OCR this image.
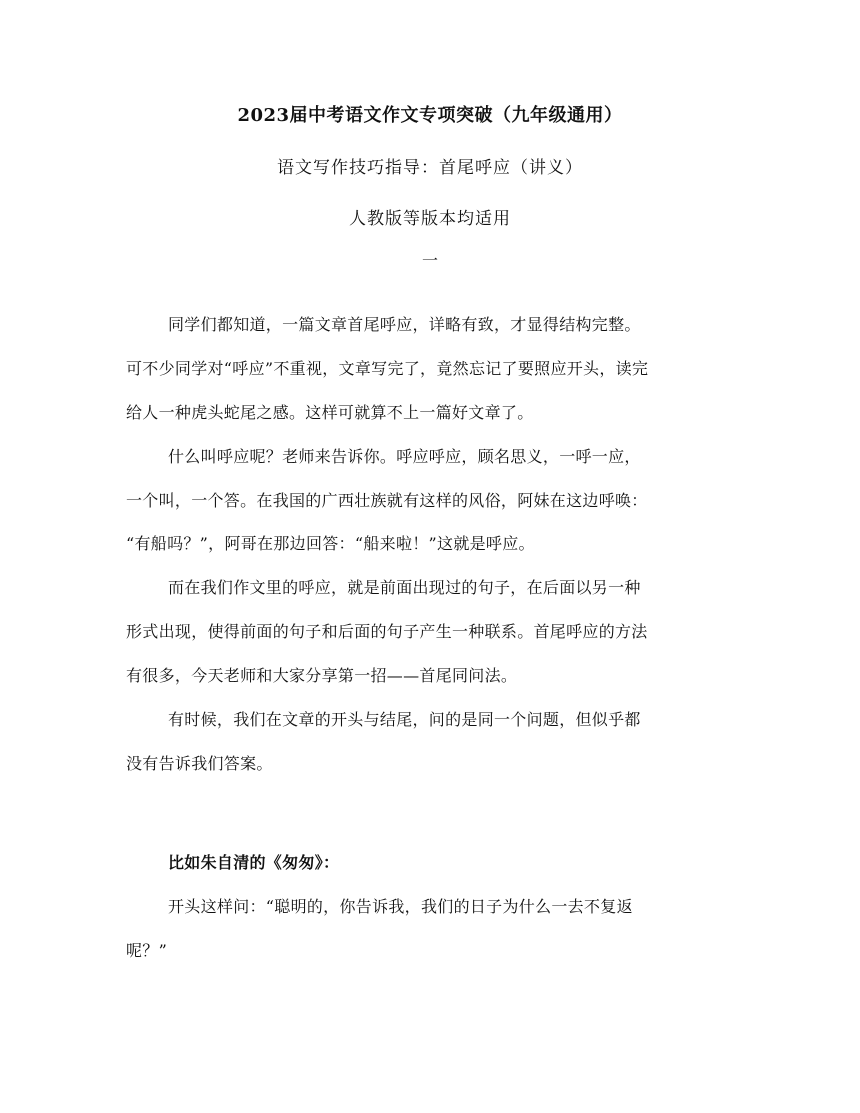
2023届中考语文作文专项突破（九年级通用）
语文写作技巧指导：首尾呼应（讲义）
人教版等版本均适用
一
同学们都知道，一篇文章首尾呼应，详略有致，才显得结构完整。
可不少同学对“呼应”不重视，文章写完了，竟然忘记了要照应开头，读完
给人一种虎头蛇尾之感。这样可就算不上一篇好文章了。
什么叫呼应呢？老师来告诉你。呼应呼应，顾名思义，一呼一应，
一个叫，一个答。在我国的广西壮族就有这样的风俗，阿妹在这边呼唤：
“有船吗？”，阿哥在那边回答：“船来啦！”这就是呼应。
而在我们作文里的呼应，就是前面出现过的句子，在后面以另一种
形式出现，使得前面的句子和后面的句子产生一种联系。首尾呼应的方法
有很多，今天老师和大家分享第一招——首尾同问法。
有时候，我们在文章的开头与结尾，问的是同一个问题，但似乎都
没有告诉我们答案。
比如朱自清的《匆匆》：
开头这样问：“聪明的，你告诉我，我们的日子为什么一去不复返
呢？”
